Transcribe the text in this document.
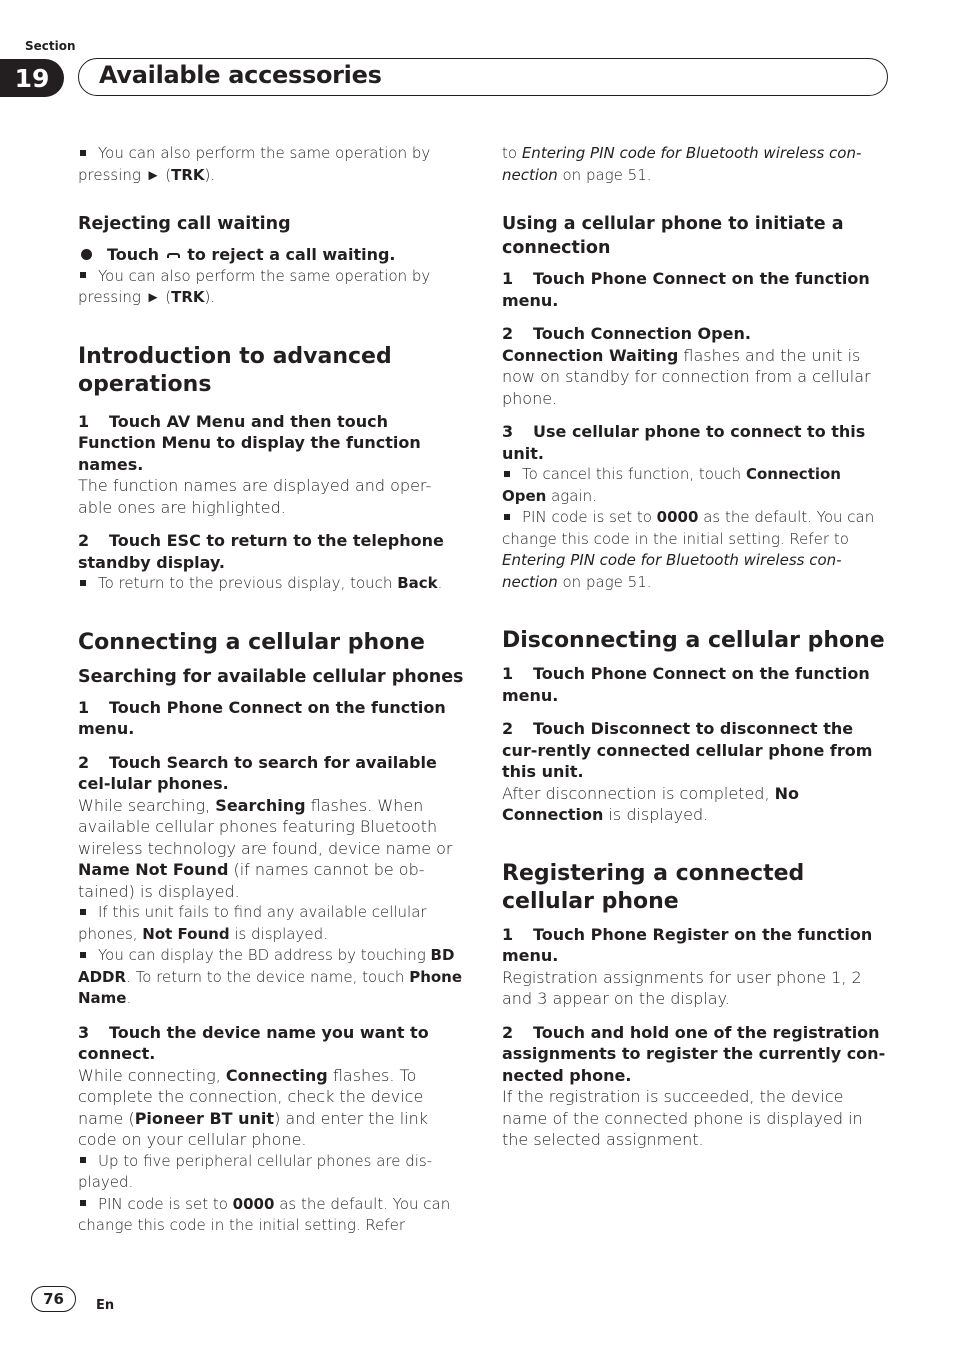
Section
19	Available accessories

You can also perform the same operation by pressing ► (TRK).

Rejecting call waiting

Touch  to reject a call waiting.

You can also perform the same operation by pressing ► (TRK).

Introduction to advanced operations

1 Touch AV Menu and then touch Function Menu to display the function names.

The function names are displayed and oper-able ones are highlighted.

2 Touch ESC to return to the telephone standby display.

To return to the previous display, touch Back.

Connecting a cellular phone

Searching for available cellular phones

1 Touch Phone Connect on the function menu.

2 Touch Search to search for available cel-lular phones.

While searching, Searching flashes. When available cellular phones featuring Bluetooth wireless technology are found, device name or Name Not Found (if names cannot be ob-tained) is displayed.

If this unit fails to find any available cellular phones, Not Found is displayed.

You can display the BD address by touching BD ADDR. To return to the device name, touch Phone Name.

3 Touch the device name you want to connect.

While connecting, Connecting flashes. To complete the connection, check the device name (Pioneer BT unit) and enter the link code on your cellular phone.

Up to five peripheral cellular phones are dis-played.

PIN code is set to 0000 as the default. You can change this code in the initial setting. Refer

to Entering PIN code for Bluetooth wireless con-nection on page 51.

Using a cellular phone to initiate a connection

1 Touch Phone Connect on the function menu.

2 Touch Connection Open.

Connection Waiting flashes and the unit is now on standby for connection from a cellular phone.

3 Use cellular phone to connect to this unit.

To cancel this function, touch Connection Open again.

PIN code is set to 0000 as the default. You can change this code in the initial setting. Refer to Entering PIN code for Bluetooth wireless con-nection on page 51.

Disconnecting a cellular phone

1 Touch Phone Connect on the function menu.

2 Touch Disconnect to disconnect the cur-rently connected cellular phone from this unit.

After disconnection is completed, No Connection is displayed.

Registering a connected cellular phone

1 Touch Phone Register on the function menu.

Registration assignments for user phone 1, 2 and 3 appear on the display.

2 Touch and hold one of the registration assignments to register the currently con-nected phone.

If the registration is succeeded, the device name of the connected phone is displayed in the selected assignment.

76	En
